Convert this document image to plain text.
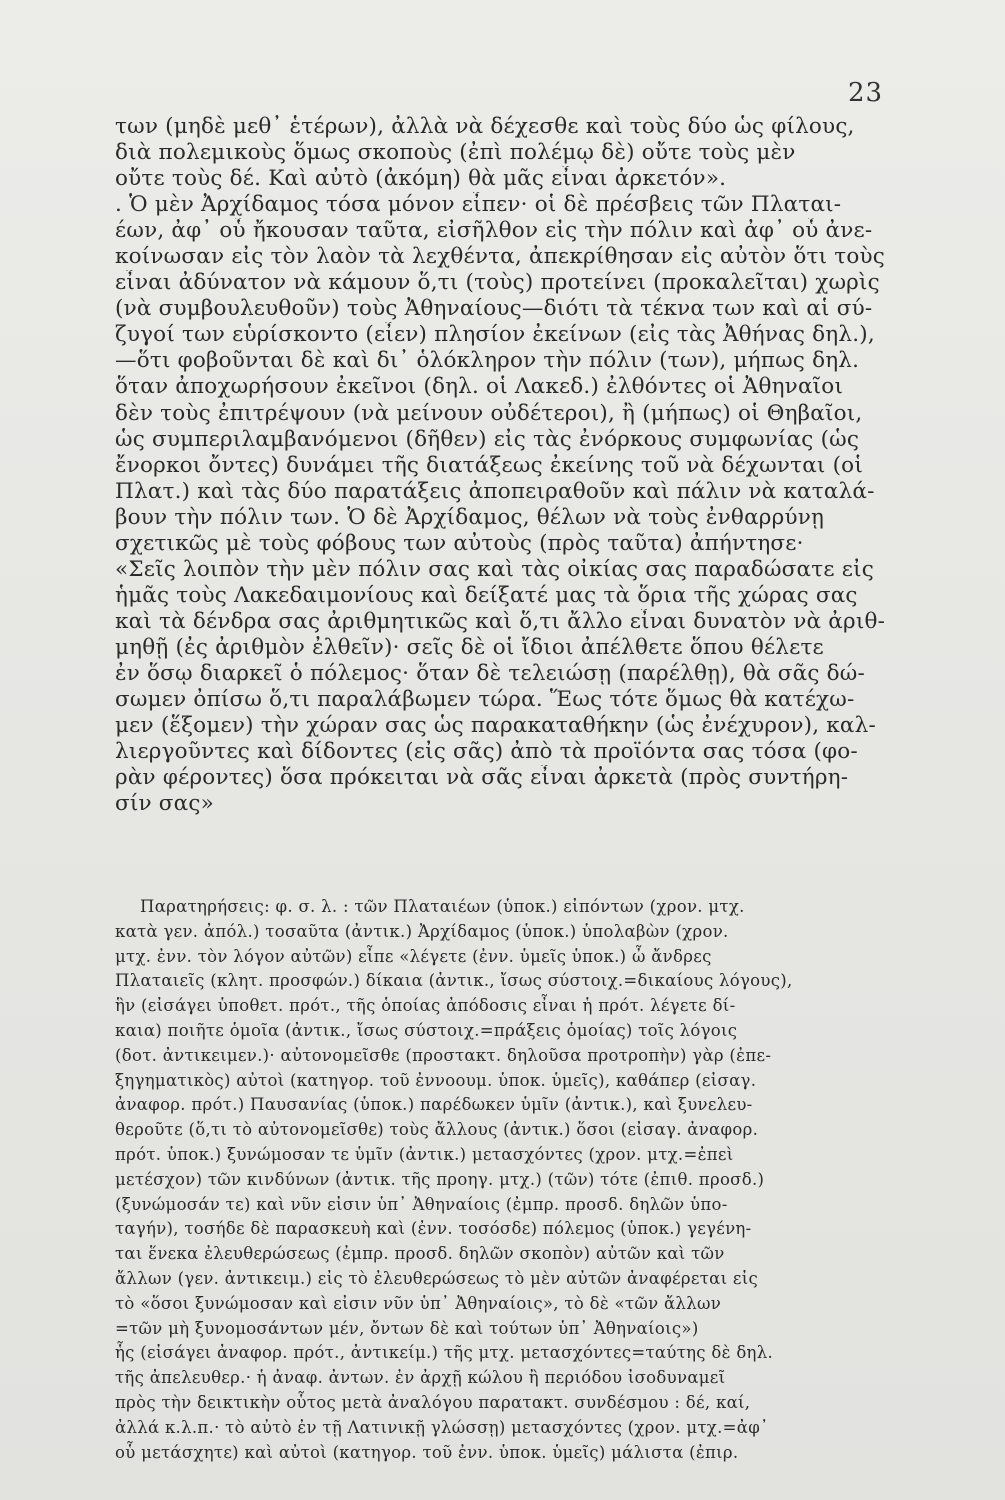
23
των (μηδὲ μεθ᾽ ἑτέρων), ἀλλὰ νὰ δέχεσθε καὶ τοὺς δύο ὡς φίλους,
διὰ πολεμικοὺς ὅμως σκοποὺς (ἐπὶ πολέμῳ δὲ) οὔτε τοὺς μὲν
οὔτε τοὺς δέ. Καὶ αὐτὸ (ἀκόμη) θὰ μᾶς εἶναι ἀρκετόν».
. Ὁ μὲν Ἀρχίδαμος τόσα μόνον εἶπεν· οἱ δὲ πρέσβεις τῶν Πλαται-
έων, ἀφ᾽ οὗ ἤκουσαν ταῦτα, εἰσῆλθον εἰς τὴν πόλιν καὶ ἀφ᾽ οὗ ἀνε-
κοίνωσαν εἰς τὸν λαὸν τὰ λεχθέντα, ἀπεκρίθησαν εἰς αὐτὸν ὅτι τοὺς
εἶναι ἀδύνατον νὰ κάμουν ὅ,τι (τοὺς) προτείνει (προκαλεῖται) χωρὶς
(νὰ συμβουλευθοῦν) τοὺς Ἀθηναίους—διότι τὰ τέκνα των καὶ αἱ σύ-
ζυγοί των εὑρίσκοντο (εἶεν) πλησίον ἐκείνων (εἰς τὰς Ἀθήνας δηλ.),
—ὅτι φοβοῦνται δὲ καὶ δι᾽ ὁλόκληρον τὴν πόλιν (των), μήπως δηλ.
ὅταν ἀποχωρήσουν ἐκεῖνοι (δηλ. οἱ Λακεδ.) ἐλθόντες οἱ Ἀθηναῖοι
δὲν τοὺς ἐπιτρέψουν (νὰ μείνουν οὐδέτεροι), ἢ (μήπως) οἱ Θηβαῖοι,
ὡς συμπεριλαμβανόμενοι (δῆθεν) εἰς τὰς ἐνόρκους συμφωνίας (ὡς
ἔνορκοι ὄντες) δυνάμει τῆς διατάξεως ἐκείνης τοῦ νὰ δέχωνται (οἱ
Πλατ.) καὶ τὰς δύο παρατάξεις ἀποπειραθοῦν καὶ πάλιν νὰ καταλά-
βουν τὴν πόλιν των. Ὁ δὲ Ἀρχίδαμος, θέλων νὰ τοὺς ἐνθαρρύνῃ
σχετικῶς μὲ τοὺς φόβους των αὐτοὺς (πρὸς ταῦτα) ἀπήντησε·
«Σεῖς λοιπὸν τὴν μὲν πόλιν σας καὶ τὰς οἰκίας σας παραδώσατε εἰς
ἡμᾶς τοὺς Λακεδαιμονίους καὶ δείξατέ μας τὰ ὅρια τῆς χώρας σας
καὶ τὰ δένδρα σας ἀριθμητικῶς καὶ ὅ,τι ἄλλο εἶναι δυνατὸν νὰ ἀριθ-
μηθῇ (ἐς ἀριθμὸν ἐλθεῖν)· σεῖς δὲ οἱ ἴδιοι ἀπέλθετε ὅπου θέλετε
ἐν ὅσῳ διαρκεῖ ὁ πόλεμος· ὅταν δὲ τελειώσῃ (παρέλθῃ), θὰ σᾶς δώ-
σωμεν ὀπίσω ὅ,τι παραλάβωμεν τώρα. Ἕως τότε ὅμως θὰ κατέχω-
μεν (ἕξομεν) τὴν χώραν σας ὡς παρακαταθήκην (ὡς ἐνέχυρον), καλ-
λιεργοῦντες καὶ δίδοντες (εἰς σᾶς) ἀπὸ τὰ προϊόντα σας τόσα (φο-
ρὰν φέροντες) ὅσα πρόκειται νὰ σᾶς εἶναι ἀρκετὰ (πρὸς συντήρη-
σίν σας»
Παρατηρήσεις: φ. σ. λ. : τῶν Πλαταιέων (ὑποκ.) εἰπόντων (χρον. μτχ.
κατὰ γεν. ἀπόλ.) τοσαῦτα (ἀντικ.) Ἀρχίδαμος (ὑποκ.) ὑπολαβὼν (χρον.
μτχ. ἐνν. τὸν λόγον αὐτῶν) εἶπε «λέγετε (ἐνν. ὑμεῖς ὑποκ.) ὦ ἄνδρες
Πλαταιεῖς (κλητ. προσφών.) δίκαια (ἀντικ., ἴσως σύστοιχ.=δικαίους λόγους),
ἣν (εἰσάγει ὑποθετ. πρότ., τῆς ὁποίας ἀπόδοσις εἶναι ἡ πρότ. λέγετε δί-
καια) ποιῆτε ὁμοῖα (ἀντικ., ἴσως σύστοιχ.=πράξεις ὁμοίας) τοῖς λόγοις
(δοτ. ἀντικειμεν.)· αὐτονομεῖσθε (προστακτ. δηλοῦσα προτροπὴν) γὰρ (ἐπε-
ξηγηματικὸς) αὐτοὶ (κατηγορ. τοῦ ἐννοουμ. ὑποκ. ὑμεῖς), καθάπερ (εἰσαγ.
ἀναφορ. πρότ.) Παυσανίας (ὑποκ.) παρέδωκεν ὑμῖν (ἀντικ.), καὶ ξυνελευ-
θεροῦτε (ὅ,τι τὸ αὐτονομεῖσθε) τοὺς ἄλλους (ἀντικ.) ὅσοι (εἰσαγ. ἀναφορ.
πρότ. ὑποκ.) ξυνώμοσαν τε ὑμῖν (ἀντικ.) μετασχόντες (χρον. μτχ.=ἐπεὶ
μετέσχον) τῶν κινδύνων (ἀντικ. τῆς προηγ. μτχ.) (τῶν) τότε (ἐπιθ. προσδ.)
(ξυνώμοσάν τε) καὶ νῦν εἰσιν ὑπ᾽ Ἀθηναίοις (ἐμπρ. προσδ. δηλῶν ὑπο-
ταγήν), τοσήδε δὲ παρασκευὴ καὶ (ἐνν. τοσόσδε) πόλεμος (ὑποκ.) γεγένη-
ται ἕνεκα ἐλευθερώσεως (ἐμπρ. προσδ. δηλῶν σκοπὸν) αὐτῶν καὶ τῶν
ἄλλων (γεν. ἀντικειμ.) εἰς τὸ ἐλευθερώσεως τὸ μὲν αὐτῶν ἀναφέρεται εἰς
τὸ «ὅσοι ξυνώμοσαν καὶ εἰσιν νῦν ὑπ᾽ Ἀθηναίοις», τὸ δὲ «τῶν ἄλλων
=τῶν μὴ ξυνομοσάντων μέν, ὄντων δὲ καὶ τούτων ὑπ᾽ Ἀθηναίοις»)
ἧς (εἰσάγει ἀναφορ. πρότ., ἀντικείμ.) τῆς μτχ. μετασχόντες=ταύτης δὲ δηλ.
τῆς ἀπελευθερ.· ἡ ἀναφ. ἀντων. ἐν ἀρχῇ κώλου ἢ περιόδου ἰσοδυναμεῖ
πρὸς τὴν δεικτικὴν οὗτος μετὰ ἀναλόγου παρατακτ. συνδέσμου : δέ, καί,
ἀλλά κ.λ.π.· τὸ αὐτὸ ἐν τῇ Λατινικῇ γλώσσῃ) μετασχόντες (χρον. μτχ.=ἀφ᾽
οὗ μετάσχητε) καὶ αὐτοὶ (κατηγορ. τοῦ ἐνν. ὑποκ. ὑμεῖς) μάλιστα (ἐπιρ.
